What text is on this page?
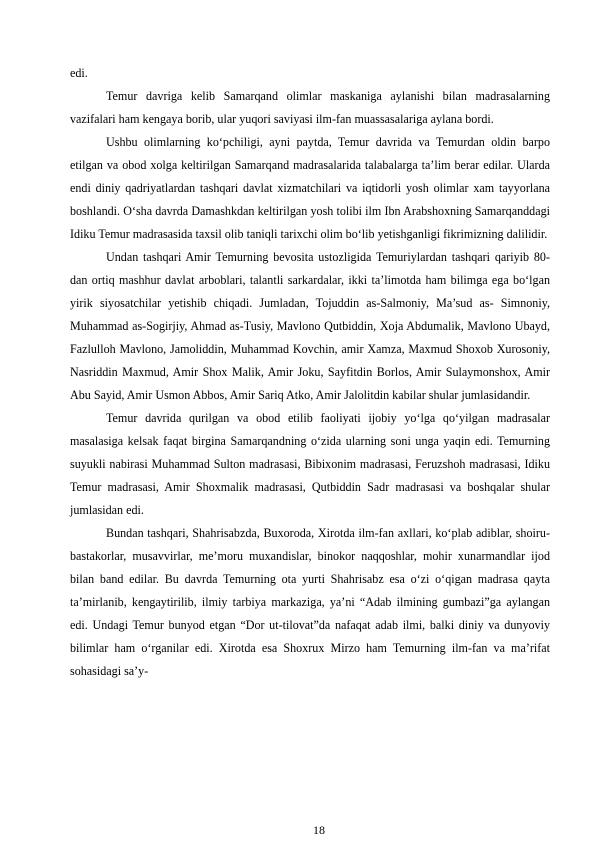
edi.

Temur davriga kelib Samarqand olimlar maskaniga aylanishi bilan madrasalarning vazifalari ham kengaya borib, ular yuqori saviyasi ilm-fan muassasalariga aylana bordi.

Ushbu olimlarning ko‘pchiligi, ayni paytda, Temur davrida va Temurdan oldin barpo etilgan va obod xolga keltirilgan Samarqand madrasalarida talabalarga ta’lim berar edilar. Ularda endi diniy qadriyatlardan tashqari davlat xizmatchilari va iqtidorli yosh olimlar xam tayyorlana boshlandi. O‘sha davrda Damashkdan keltirilgan yosh tolibi ilm Ibn Arabshoxning Samarqanddagi Idiku Temur madrasasida taxsil olib taniqli tarixchi olim bo‘lib yetishganligi fikrimizning dalilidir.

Undan tashqari Amir Temurning bevosita ustozligida Temuriylardan tashqari qariyib 80-dan ortiq mashhur davlat arboblari, talantli sarkardalar, ikki ta’limotda ham bilimga ega bo‘lgan yirik siyosatchilar yetishib chiqadi. Jumladan, Tojuddin as-Salmoniy, Ma’sud as- Simnoniy, Muhammad as-Sogirjiy, Ahmad as-Tusiy, Mavlono Qutbiddin, Xoja Abdumalik, Mavlono Ubayd, Fazlulloh Mavlono, Jamoliddin, Muhammad Kovchin, amir Xamza, Maxmud Shoxob Xurosoniy, Nasriddin Maxmud, Amir Shox Malik, Amir Joku, Sayfitdin Borlos, Amir Sulaymonshox, Amir Abu Sayid, Amir Usmon Abbos, Amir Sariq Atko, Amir Jalolitdin kabilar shular jumlasidandir.

Temur davrida qurilgan va obod etilib faoliyati ijobiy yo‘lga qo‘yilgan madrasalar masalasiga kelsak faqat birgina Samarqandning o‘zida ularning soni unga yaqin edi. Temurning suyukli nabirasi Muhammad Sulton madrasasi, Bibixonim madrasasi, Feruzshoh madrasasi, Idiku Temur madrasasi, Amir Shoxmalik madrasasi, Qutbiddin Sadr madrasasi va boshqalar shular jumlasidan edi.

Bundan tashqari, Shahrisabzda, Buxoroda, Xirotda ilm-fan axllari, ko‘plab adiblar, shoiru-bastakorlar, musavvirlar, me’moru muxandislar, binokor naqqoshlar, mohir xunarmandlar ijod bilan band edilar. Bu davrda Temurning ota yurti Shahrisabz esa o‘zi o‘qigan madrasa qayta ta’mirlanib, kengaytirilib, ilmiy tarbiya markaziga, ya’ni “Adab ilmining gumbazi”ga aylangan edi. Undagi Temur bunyod etgan “Dor ut-tilovat”da nafaqat adab ilmi, balki diniy va dunyoviy bilimlar ham o‘rganilar edi. Xirotda esa Shoxrux Mirzo ham Temurning ilm-fan va ma’rifat sohasidagi sa’y-

18
